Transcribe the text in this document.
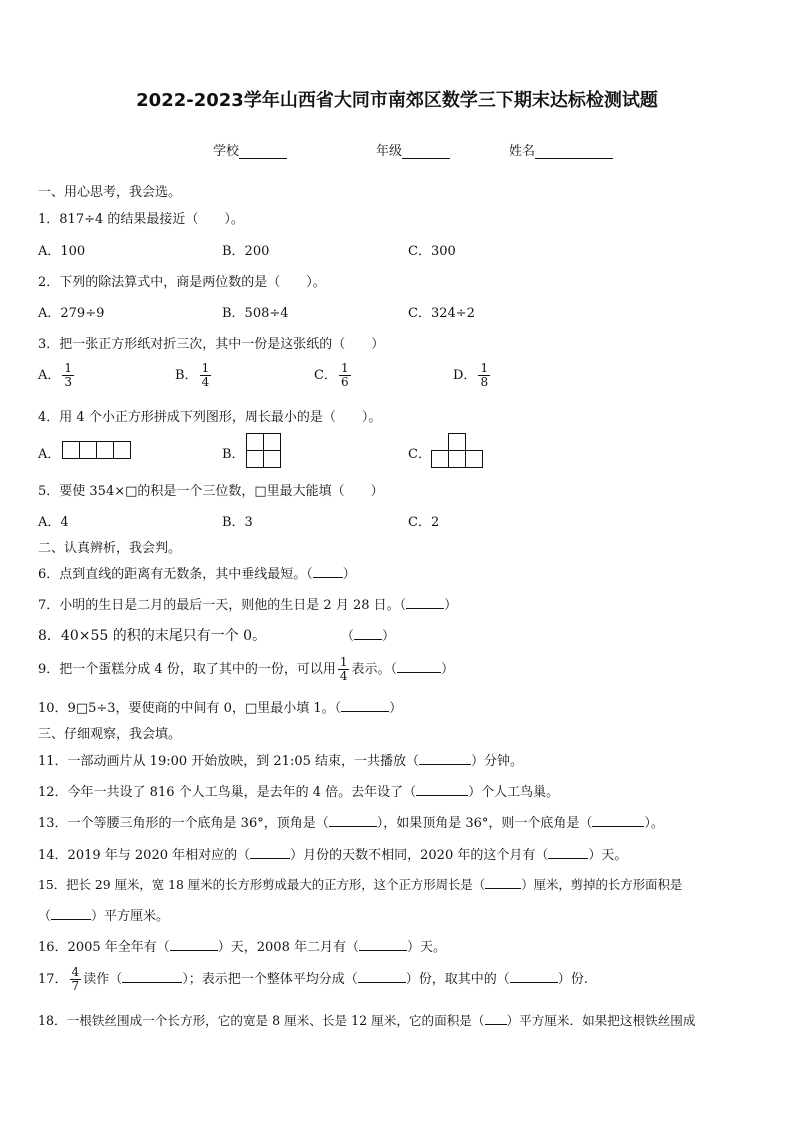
2022-2023学年山西省大同市南郊区数学三下期末达标检测试题
学校	年级	姓名
一、用心思考，我会选。
1．817÷4 的结果最接近（　　）。
A．100	B．200	C．300
2．下列的除法算式中，商是两位数的是（　　）。
A．279÷9	B．508÷4	C．324÷2
3．把一张正方形纸对折三次，其中一份是这张纸的（　　）
A． $\frac{1}{3}$	B． $\frac{1}{4}$	C． $\frac{1}{6}$	D． $\frac{1}{8}$
4．用 4 个小正方形拼成下列图形，周长最小的是（　　）。
A．	B．	C．
5．要使 354×□的积是一个三位数，□里最大能填（　　）
A．4	B．3	C．2
二、认真辨析，我会判。
6．点到直线的距离有无数条，其中垂线最短。（ ）
7．小明的生日是二月的最后一天，则他的生日是 2 月 28 日。（	）
8．40×55 的积的末尾只有一个 0。	（ ）
9．把一个蛋糕分成 4 份，取了其中的一份，可以用 $\frac{1}{4}$ 表示。（	）
10．9□5÷3，要使商的中间有 0，□里最小填 1。（	）
三、仔细观察，我会填。
11．一部动画片从 19:00 开始放映，到 21:05 结束，一共播放（	）分钟。
12．今年一共设了 816 个人工鸟巢，是去年的 4 倍。去年设了（	）个人工鸟巢。
13．一个等腰三角形的一个底角是 36°，顶角是（	），如果顶角是 36°，则一个底角是（	）。
14．2019 年与 2020 年相对应的（	）月份的天数不相同，2020 年的这个月有（	）天。
15．把长 29 厘米，宽 18 厘米的长方形剪成最大的正方形，这个正方形周长是（	）厘米，剪掉的长方形面积是
（	）平方厘米。
16．2005 年全年有（	）天，2008 年二月有（	）天。
17． $\frac{4}{7}$ 读作（	）；表示把一个整体平均分成（	）份，取其中的（	）份.
18．一根铁丝围成一个长方形，它的宽是 8 厘米、长是 12 厘米，它的面积是（ ）平方厘米．如果把这根铁丝围成
